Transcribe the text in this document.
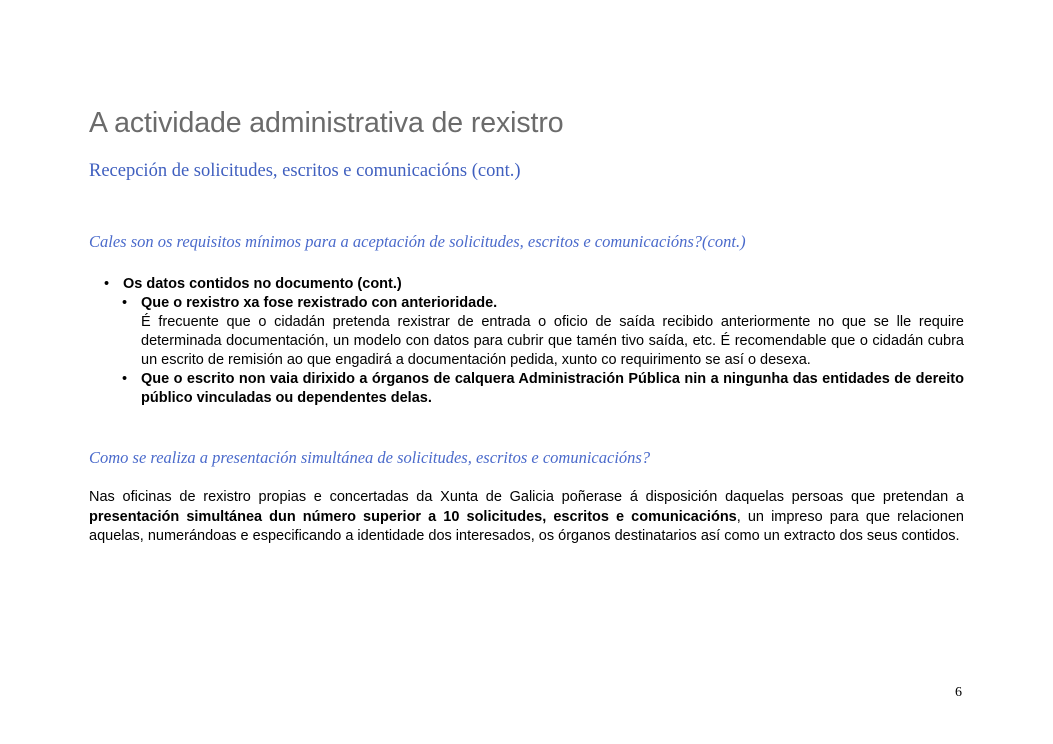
A actividade administrativa de rexistro
Recepción de solicitudes, escritos e comunicacións (cont.)

Cales son os requisitos mínimos para a aceptación de solicitudes, escritos e comunicacións?(cont.)

• Os datos contidos no documento (cont.)
• Que o rexistro xa fose rexistrado con anterioridade.
É frecuente que o cidadán pretenda rexistrar de entrada o oficio de saída recibido anteriormente no que se lle require determinada documentación, un modelo con datos para cubrir que tamén tivo saída, etc. É recomendable que o cidadán cubra un escrito de remisión ao que engadirá a documentación pedida, xunto co requirimento se así o desexa.
• Que o escrito non vaia dirixido a órganos de calquera Administración Pública nin a ningunha das entidades de dereito público vinculadas ou dependentes delas.

Como se realiza a presentación simultánea de solicitudes, escritos e comunicacións?

Nas oficinas de rexistro propias e concertadas da Xunta de Galicia poñerase á disposición daquelas persoas que pretendan a presentación simultánea dun número superior a 10 solicitudes, escritos e comunicacións, un impreso para que relacionen aquelas, numerándoas e especificando a identidade dos interesados, os órganos destinatarios así como un extracto dos seus contidos.

6
